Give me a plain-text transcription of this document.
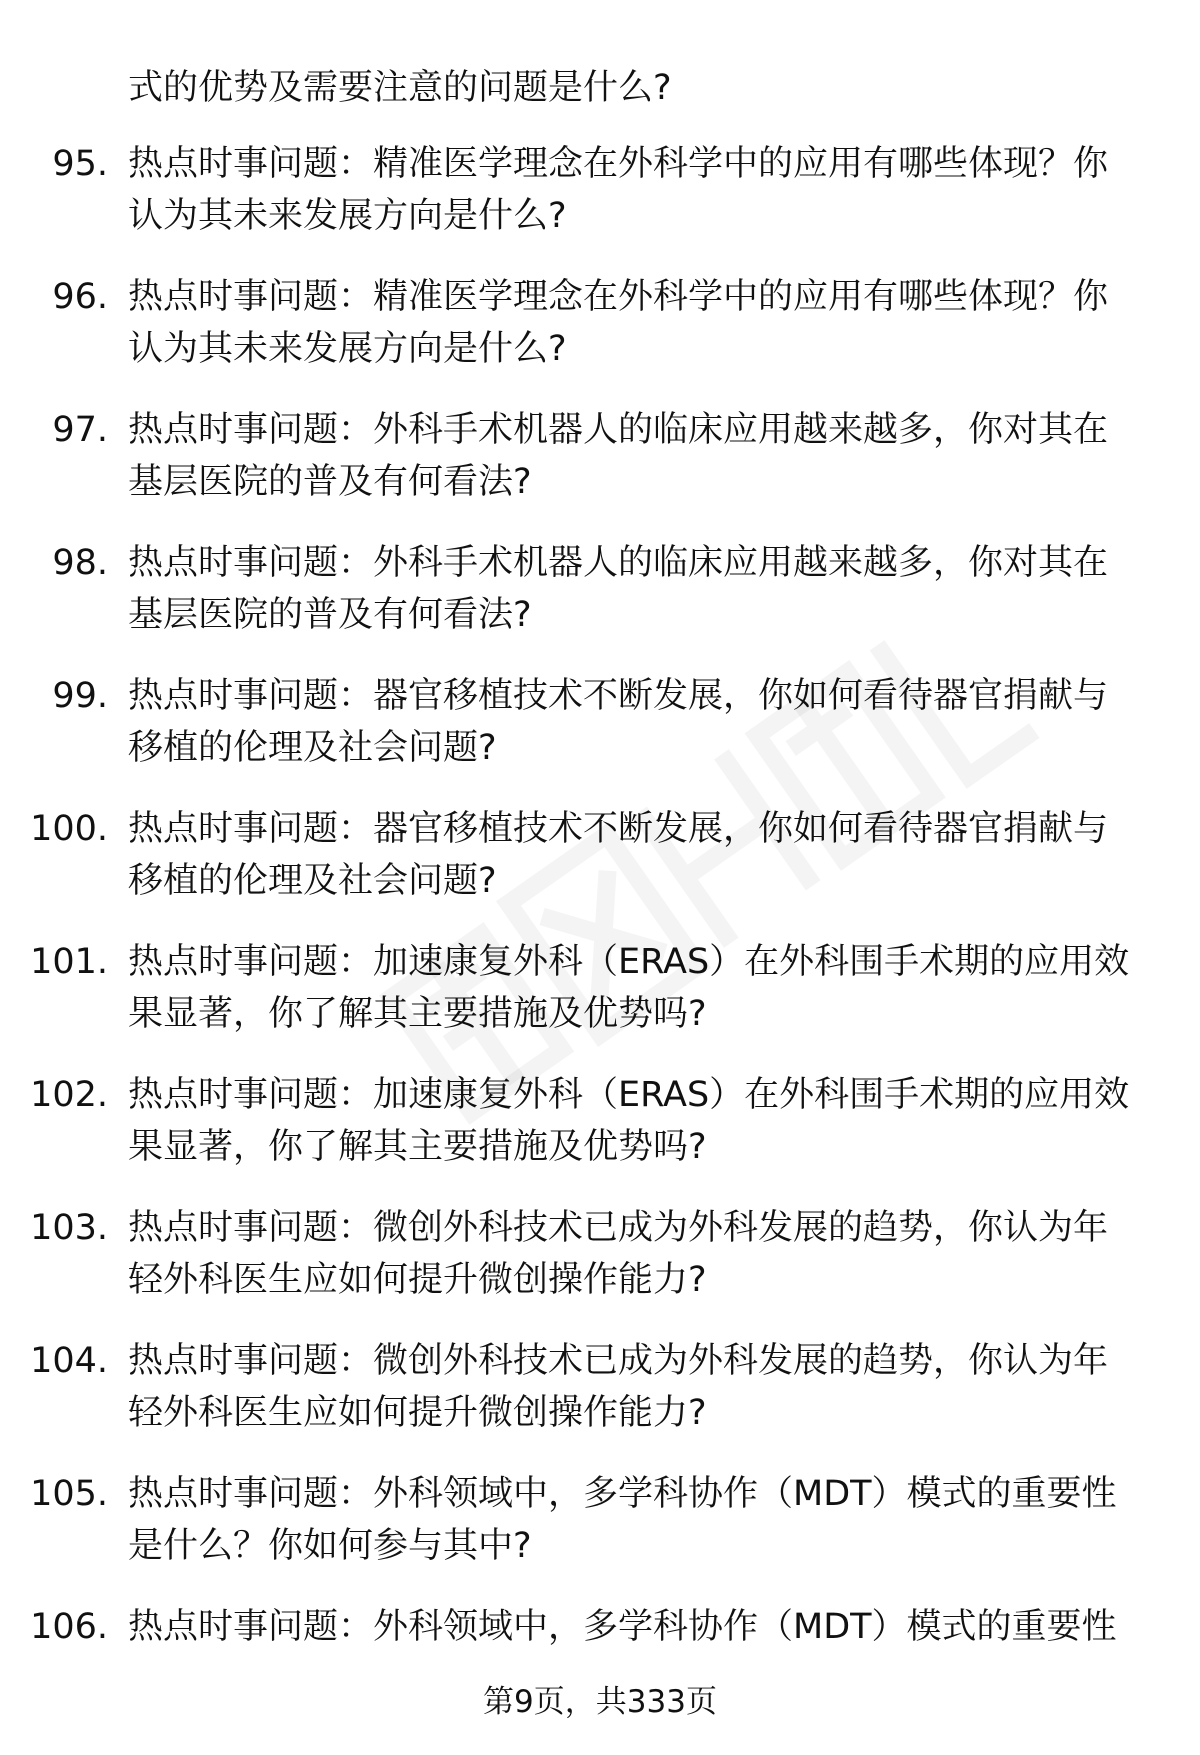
式的优势及需要注意的问题是什么?
95. 热点时事问题：精准医学理念在外科学中的应用有哪些体现？你
认为其未来发展方向是什么?
96. 热点时事问题：精准医学理念在外科学中的应用有哪些体现？你
认为其未来发展方向是什么?
97. 热点时事问题：外科手术机器人的临床应用越来越多，你对其在
基层医院的普及有何看法?
98. 热点时事问题：外科手术机器人的临床应用越来越多，你对其在
基层医院的普及有何看法?
99. 热点时事问题：器官移植技术不断发展，你如何看待器官捐献与
移植的伦理及社会问题?
100. 热点时事问题：器官移植技术不断发展，你如何看待器官捐献与
移植的伦理及社会问题?
101. 热点时事问题：加速康复外科（ERAS）在外科围手术期的应用效
果显著，你了解其主要措施及优势吗?
102. 热点时事问题：加速康复外科（ERAS）在外科围手术期的应用效
果显著，你了解其主要措施及优势吗?
103. 热点时事问题：微创外科技术已成为外科发展的趋势，你认为年
轻外科医生应如何提升微创操作能力?
104. 热点时事问题：微创外科技术已成为外科发展的趋势，你认为年
轻外科医生应如何提升微创操作能力?
105. 热点时事问题：外科领域中，多学科协作（MDT）模式的重要性
是什么？你如何参与其中?
106. 热点时事问题：外科领域中，多学科协作（MDT）模式的重要性
第9页，共333页
